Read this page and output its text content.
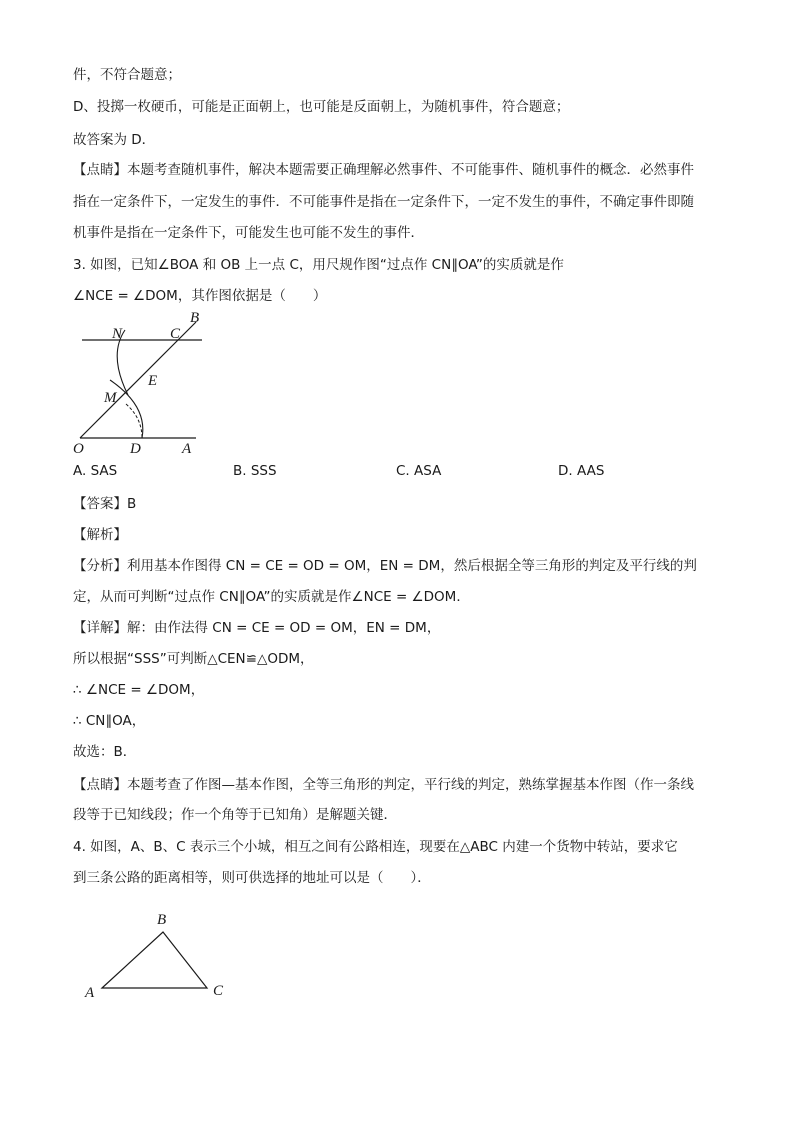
件，不符合题意；
D、投掷一枚硬币，可能是正面朝上，也可能是反面朝上，为随机事件，符合题意；
故答案为 D．
【点睛】本题考查随机事件，解决本题需要正确理解必然事件、不可能事件、随机事件的概念．必然事件
指在一定条件下，一定发生的事件．不可能事件是指在一定条件下，一定不发生的事件，不确定事件即随
机事件是指在一定条件下，可能发生也可能不发生的事件．
3. 如图，已知∠BOA 和 OB 上一点 C，用尺规作图“过点作 CN∥OA”的实质就是作
∠NCE = ∠DOM，其作图依据是（　　）
N	C
B
E
M
O	D	A
A. SAS	B. SSS	C. ASA	D. AAS
【答案】B
【解析】
【分析】利用基本作图得 CN = CE = OD = OM，EN = DM，然后根据全等三角形的判定及平行线的判
定，从而可判断“过点作 CN∥OA”的实质就是作∠NCE = ∠DOM．
【详解】解：由作法得 CN = CE = OD = OM，EN = DM，
所以根据“SSS”可判断△CEN≌△ODM，
∴ ∠NCE = ∠DOM，
∴ CN∥OA，
故选：B．
【点睛】本题考查了作图—基本作图，全等三角形的判定，平行线的判定，熟练掌握基本作图（作一条线
段等于已知线段；作一个角等于已知角）是解题关键．
4. 如图，A、B、C 表示三个小城，相互之间有公路相连，现要在△ABC 内建一个货物中转站，要求它
到三条公路的距离相等，则可供选择的地址可以是（　　）．
A
B
C
